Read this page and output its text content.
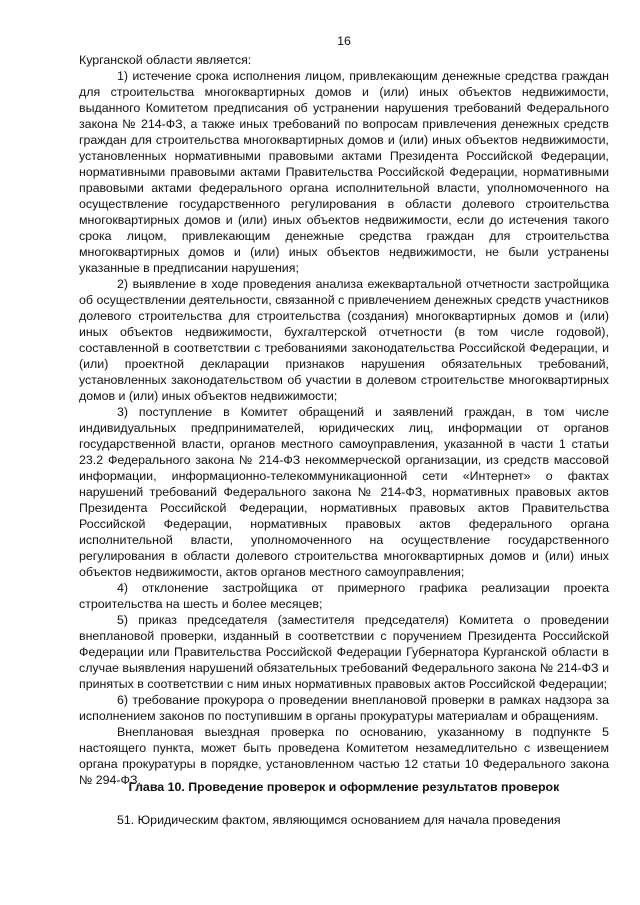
16

Курганской области является:

1) истечение срока исполнения лицом, привлекающим денежные средства граждан для строительства многоквартирных домов и (или) иных объектов недвижимости, выданного Комитетом предписания об устранении нарушения требований Федерального закона № 214-ФЗ, а также иных требований по вопросам привлечения денежных средств граждан для строительства многоквартирных домов и (или) иных объектов недвижимости, установленных нормативными правовыми актами Президента Российской Федерации, нормативными правовыми актами Правительства Российской Федерации, нормативными правовыми актами федерального органа исполнительной власти, уполномоченного на осуществление государственного регулирования в области долевого строительства многоквартирных домов и (или) иных объектов недвижимости, если до истечения такого срока лицом, привлекающим денежные средства граждан для строительства многоквартирных домов и (или) иных объектов недвижимости, не были устранены указанные в предписании нарушения;

2) выявление в ходе проведения анализа ежеквартальной отчетности застройщика об осуществлении деятельности, связанной с привлечением денежных средств участников долевого строительства для строительства (создания) многоквартирных домов и (или) иных объектов недвижимости, бухгалтерской отчетности (в том числе годовой), составленной в соответствии с требованиями законодательства Российской Федерации, и (или) проектной декларации признаков нарушения обязательных требований, установленных законодательством об участии в долевом строительстве многоквартирных домов и (или) иных объектов недвижимости;

3) поступление в Комитет обращений и заявлений граждан, в том числе индивидуальных предпринимателей, юридических лиц, информации от органов государственной власти, органов местного самоуправления, указанной в части 1 статьи 23.2 Федерального закона № 214-ФЗ некоммерческой организации, из средств массовой информации, информационно-телекоммуникационной сети «Интернет» о фактах нарушений требований Федерального закона № 214-ФЗ, нормативных правовых актов Президента Российской Федерации, нормативных правовых актов Правительства Российской Федерации, нормативных правовых актов федерального органа исполнительной власти, уполномоченного на осуществление государственного регулирования в области долевого строительства многоквартирных домов и (или) иных объектов недвижимости, актов органов местного самоуправления;

4) отклонение застройщика от примерного графика реализации проекта строительства на шесть и более месяцев;

5) приказ председателя (заместителя председателя) Комитета о проведении внеплановой проверки, изданный в соответствии с поручением Президента Российской Федерации или Правительства Российской Федерации Губернатора Курганской области в случае выявления нарушений обязательных требований Федерального закона № 214-ФЗ и принятых в соответствии с ним иных нормативных правовых актов Российской Федерации;

6) требование прокурора о проведении внеплановой проверки в рамках надзора за исполнением законов по поступившим в органы прокуратуры материалам и обращениям.

Внеплановая выездная проверка по основанию, указанному в подпункте 5 настоящего пункта, может быть проведена Комитетом незамедлительно с извещением органа прокуратуры в порядке, установленном частью 12 статьи 10 Федерального закона № 294-ФЗ.

Глава 10. Проведение проверок и оформление результатов проверок

51. Юридическим фактом, являющимся основанием для начала проведения
